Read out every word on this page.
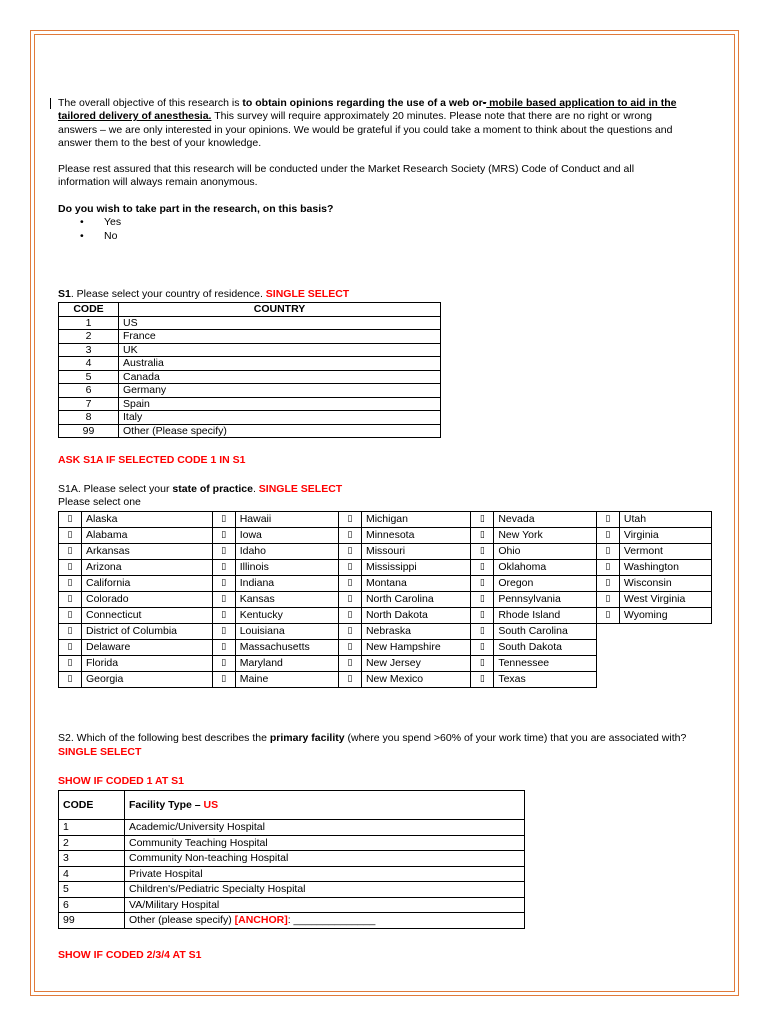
The overall objective of this research is to obtain opinions regarding the use of a web or- mobile based application to aid in the tailored delivery of anesthesia. This survey will require approximately 20 minutes. Please note that there are no right or wrong answers – we are only interested in your opinions. We would be grateful if you could take a moment to think about the questions and answer them to the best of your knowledge.

Please rest assured that this research will be conducted under the Market Research Society (MRS) Code of Conduct and all information will always remain anonymous.

Do you wish to take part in the research, on this basis?

• Yes
• No

S1. Please select your country of residence. SINGLE SELECT

CODE	COUNTRY
1	US
2	France
3	UK
4	Australia
5	Canada
6	Germany
7	Spain
8	Italy
99	Other (Please specify)

ASK S1A IF SELECTED CODE 1 IN S1

S1A. Please select your state of practice. SINGLE SELECT

Please select one

▯	Alaska	▯	Hawaii	▯	Michigan	▯	Nevada	▯	Utah
▯	Alabama	▯	Iowa	▯	Minnesota	▯	New York	▯	Virginia
▯	Arkansas	▯	Idaho	▯	Missouri	▯	Ohio	▯	Vermont
▯	Arizona	▯	Illinois	▯	Mississippi	▯	Oklahoma	▯	Washington
▯	California	▯	Indiana	▯	Montana	▯	Oregon	▯	Wisconsin
▯	Colorado	▯	Kansas	▯	North Carolina	▯	Pennsylvania	▯	West Virginia
▯	Connecticut	▯	Kentucky	▯	North Dakota	▯	Rhode Island	▯	Wyoming
▯	District of Columbia	▯	Louisiana	▯	Nebraska	▯	South Carolina		
▯	Delaware	▯	Massachusetts	▯	New Hampshire	▯	South Dakota		
▯	Florida	▯	Maryland	▯	New Jersey	▯	Tennessee		
▯	Georgia	▯	Maine	▯	New Mexico	▯	Texas		

S2. Which of the following best describes the primary facility (where you spend >60% of your work time) that you are associated with? SINGLE SELECT

SHOW IF CODED 1 AT S1

CODE	Facility Type – US
1	Academic/University Hospital
2	Community Teaching Hospital
3	Community Non-teaching Hospital
4	Private Hospital
5	Children's/Pediatric Specialty Hospital
6	VA/Military Hospital
99	Other (please specify) [ANCHOR]: ______________

SHOW IF CODED 2/3/4 AT S1
